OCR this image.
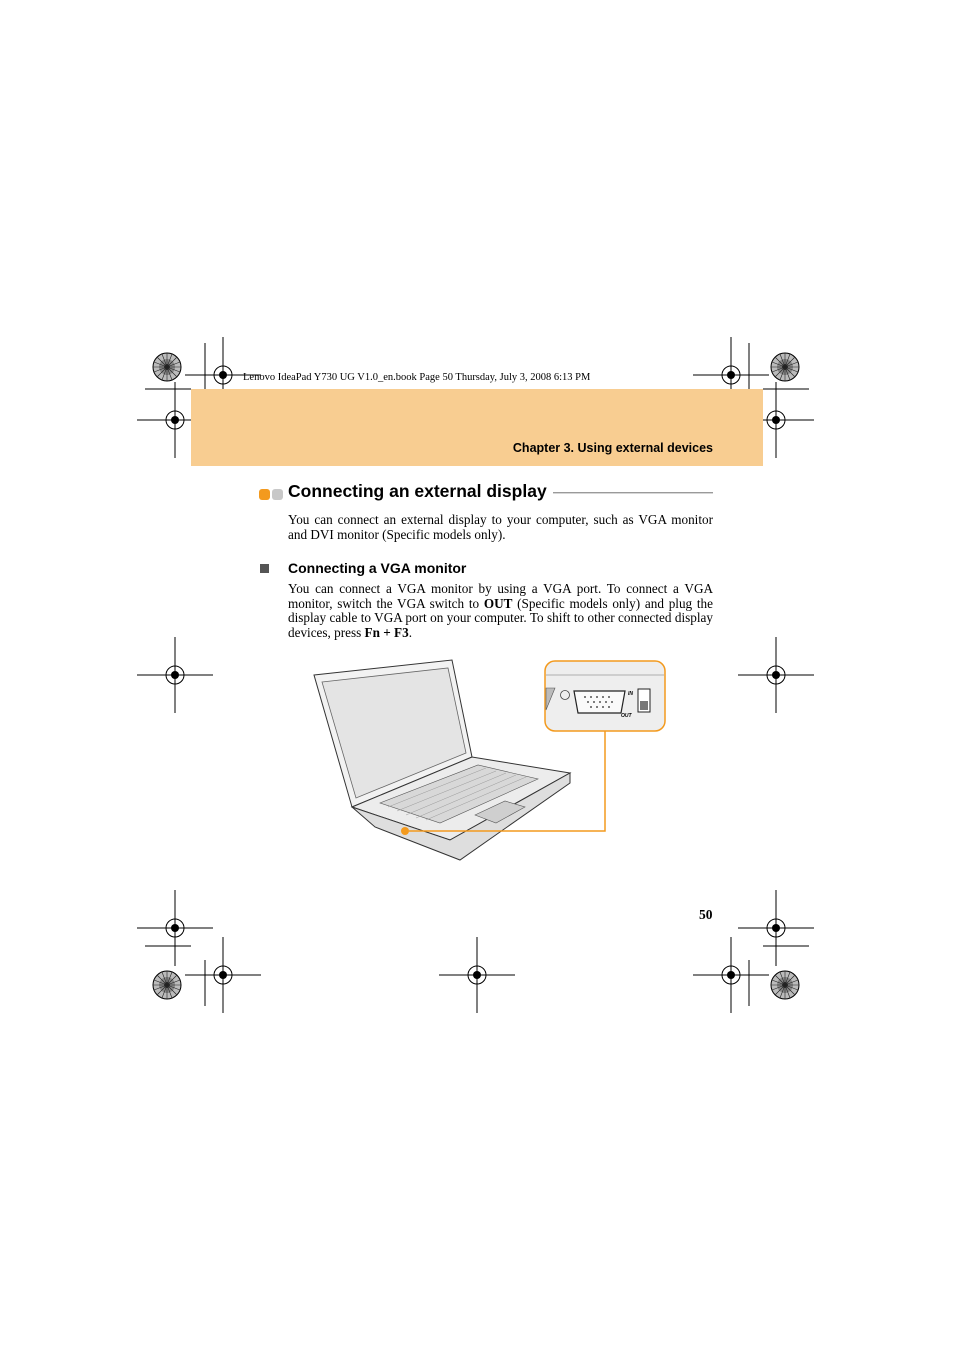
Lenovo IdeaPad Y730 UG V1.0_en.book Page 50 Thursday, July 3, 2008 6:13 PM
Chapter 3. Using external devices
Connecting an external display
You can connect an external display to your computer, such as VGA monitor and DVI monitor (Specific models only).
Connecting a VGA monitor
You can connect a VGA monitor by using a VGA port. To connect a VGA monitor, switch the VGA switch to OUT (Specific models only) and plug the display cable to VGA port on your computer. To shift to other connected display devices, press Fn + F3.
IN
OUT
50
